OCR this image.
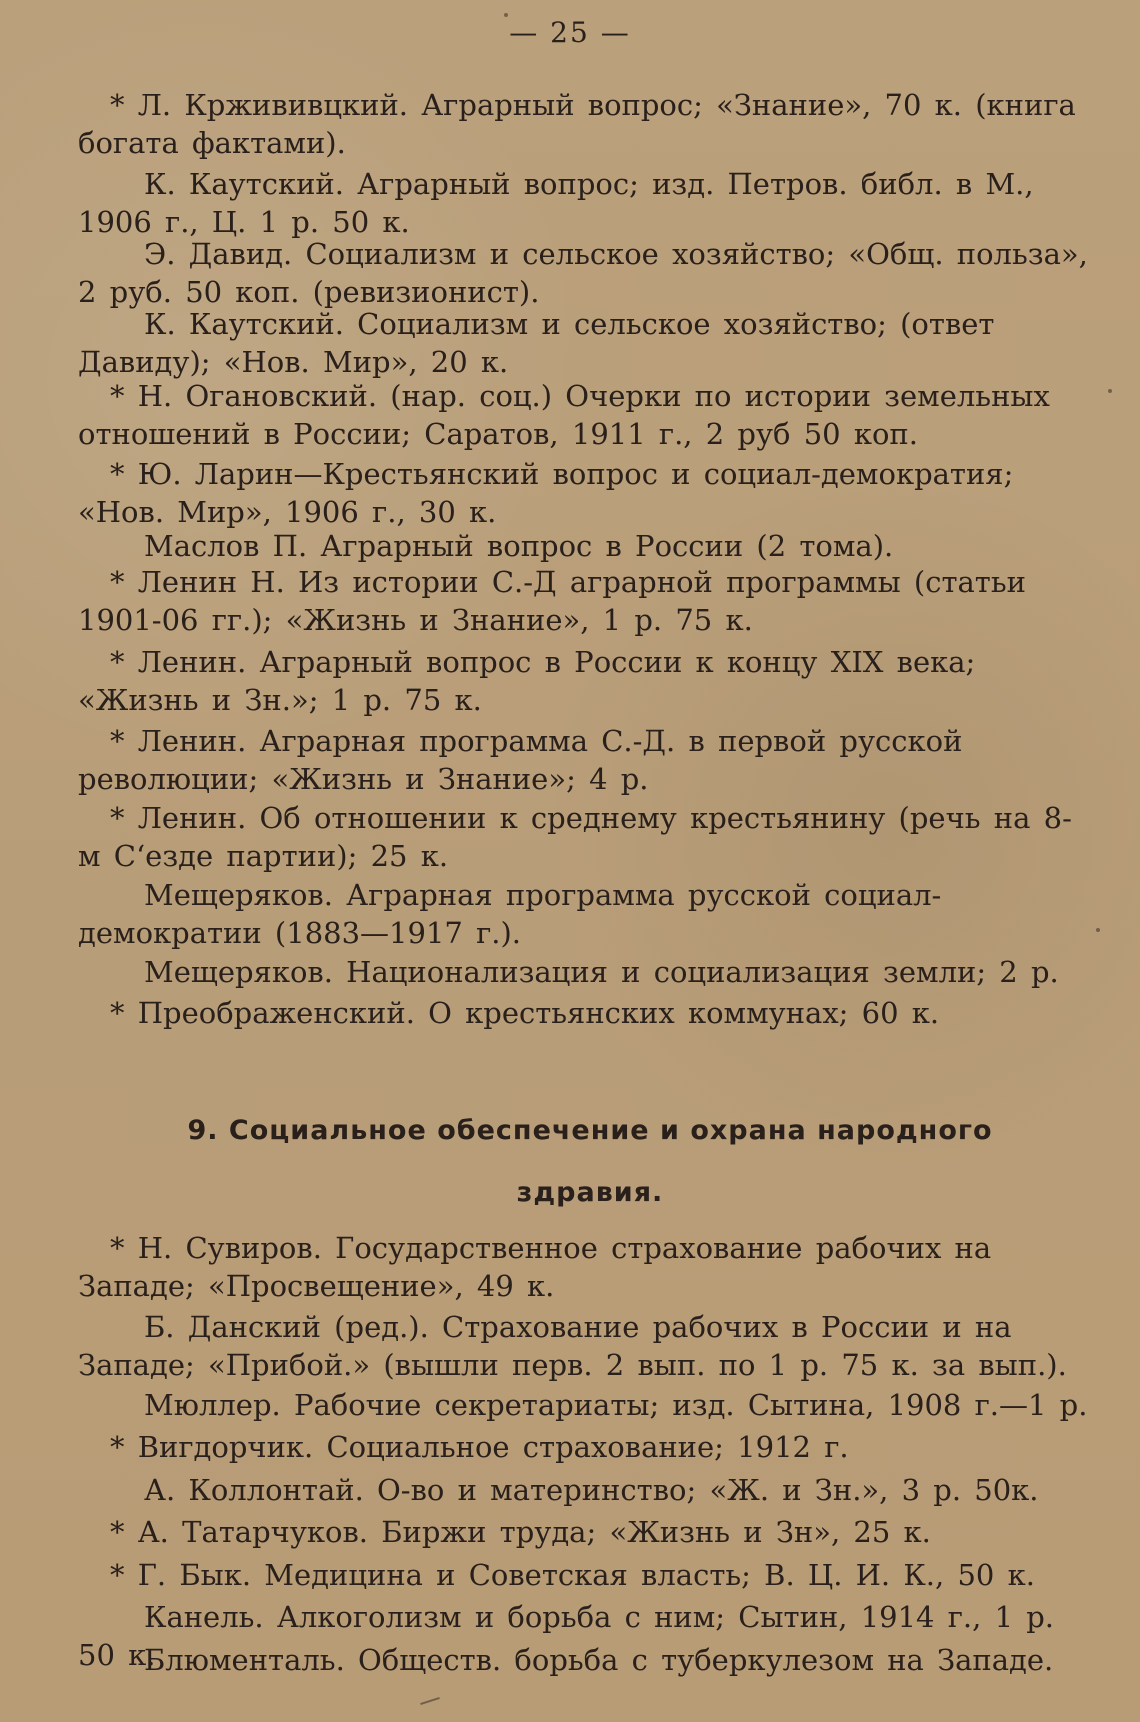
— 25 —
* Л. Кржививцкий. Аграрный вопрос; «Знание», 70 к. (книга богата фактами).
К. Каутский. Аграрный вопрос; изд. Петров. библ. в М., 1906 г., Ц. 1 р. 50 к.
Э. Давид. Социализм и сельское хозяйство; «Общ. польза», 2 руб. 50 коп. (ревизионист).
К. Каутский. Социализм и сельское хозяйство; (ответ Давиду); «Нов. Мир», 20 к.
* Н. Огановский. (нар. соц.) Очерки по истории земельных отношений в России; Саратов, 1911 г., 2 руб 50 коп.
* Ю. Ларин—Крестьянский вопрос и социал-демократия; «Нов. Мир», 1906 г., 30 к.
Маслов П. Аграрный вопрос в России (2 тома).
* Ленин Н. Из истории С.-Д аграрной программы (статьи 1901-06 гг.); «Жизнь и Знание», 1 р. 75 к.
* Ленин. Аграрный вопрос в России к концу XIX века; «Жизнь и Зн.»; 1 р. 75 к.
* Ленин. Аграрная программа С.-Д. в первой русской революции; «Жизнь и Знание»; 4 р.
* Ленин. Об отношении к среднему крестьянину (речь на 8-м С‘езде партии); 25 к.
Мещеряков. Аграрная программа русской социал-демократии (1883—1917 г.).
Мещеряков. Национализация и социализация земли; 2 р.
* Преображенский. О крестьянских коммунах; 60 к.
9. Социальное обеспечение и охрана народного
здравия.
* Н. Сувиров. Государственное страхование рабочих на Западе; «Просвещение», 49 к.
Б. Данский (ред.). Страхование рабочих в России и на Западе; «Прибой.» (вышли перв. 2 вып. по 1 р. 75 к. за вып.).
Мюллер. Рабочие секретариаты; изд. Сытина, 1908 г.—1 р.
* Вигдорчик. Социальное страхование; 1912 г.
А. Коллонтай. О-во и материнство; «Ж. и Зн.», 3 р. 50к.
* А. Татарчуков. Биржи труда; «Жизнь и Зн», 25 к.
* Г. Бык. Медицина и Советская власть; В. Ц. И. К., 50 к.
Канель. Алкоголизм и борьба с ним; Сытин, 1914 г., 1 р. 50 к.
Блюменталь. Обществ. борьба с туберкулезом на Западе.
